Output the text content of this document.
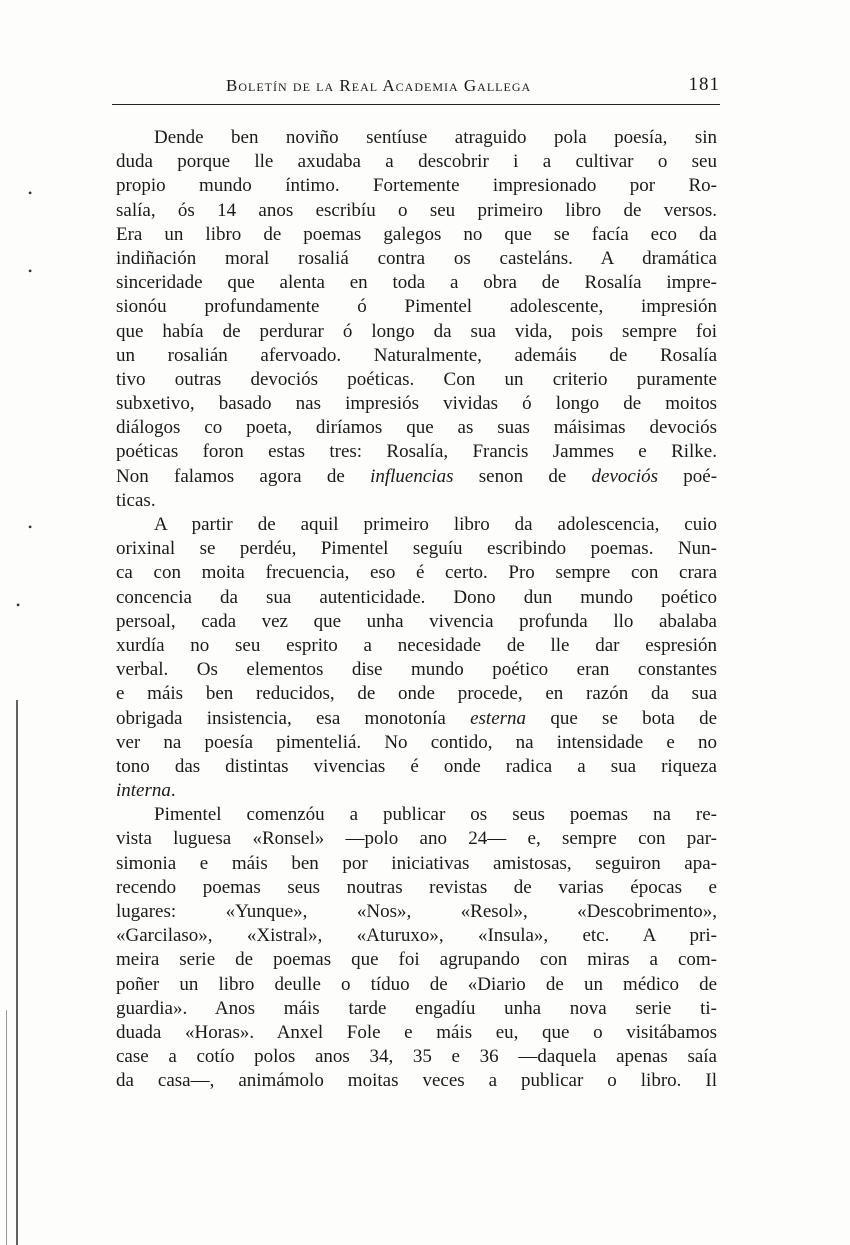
•
•
•
•
Boletín de la Real Academia Gallega	181
Dende ben noviño sentíuse atraguido pola poesía, sin
duda porque lle axudaba a descobrir i a cultivar o seu
propio mundo íntimo. Fortemente impresionado por Ro-
salía, ós 14 anos escribíu o seu primeiro libro de versos.
Era un libro de poemas galegos no que se facía eco da
indiñación moral rosaliá contra os casteláns. A dramática
sinceridade que alenta en toda a obra de Rosalía impre-
sionóu profundamente ó Pimentel adolescente, impresión
que había de perdurar ó longo da sua vida, pois sempre foi
un rosalián afervoado. Naturalmente, ademáis de Rosalía
tivo outras devociós poéticas. Con un criterio puramente
subxetivo, basado nas impresiós vividas ó longo de moitos
diálogos co poeta, diríamos que as suas máisimas devociós
poéticas foron estas tres: Rosalía, Francis Jammes e Rilke.
Non falamos agora de influencias senon de devociós poé-
ticas.
A partir de aquil primeiro libro da adolescencia, cuio
orixinal se perdéu, Pimentel seguíu escribindo poemas. Nun-
ca con moita frecuencia, eso é certo. Pro sempre con crara
concencia da sua autenticidade. Dono dun mundo poético
persoal, cada vez que unha vivencia profunda llo abalaba
xurdía no seu esprito a necesidade de lle dar espresión
verbal. Os elementos dise mundo poético eran constantes
e máis ben reducidos, de onde procede, en razón da sua
obrigada insistencia, esa monotonía esterna que se bota de
ver na poesía pimenteliá. No contido, na intensidade e no
tono das distintas vivencias é onde radica a sua riqueza
interna.
Pimentel comenzóu a publicar os seus poemas na re-
vista luguesa «Ronsel» —polo ano 24— e, sempre con par-
simonia e máis ben por iniciativas amistosas, seguiron apa-
recendo poemas seus noutras revistas de varias épocas e
lugares: «Yunque», «Nos», «Resol», «Descobrimento»,
«Garcilaso», «Xistral», «Aturuxo», «Insula», etc. A pri-
meira serie de poemas que foi agrupando con miras a com-
poñer un libro deulle o tíduo de «Diario de un médico de
guardia». Anos máis tarde engadíu unha nova serie ti-
duada «Horas». Anxel Fole e máis eu, que o visitábamos
case a cotío polos anos 34, 35 e 36 —daquela apenas saía
da casa—, animámolo moitas veces a publicar o libro. Il
